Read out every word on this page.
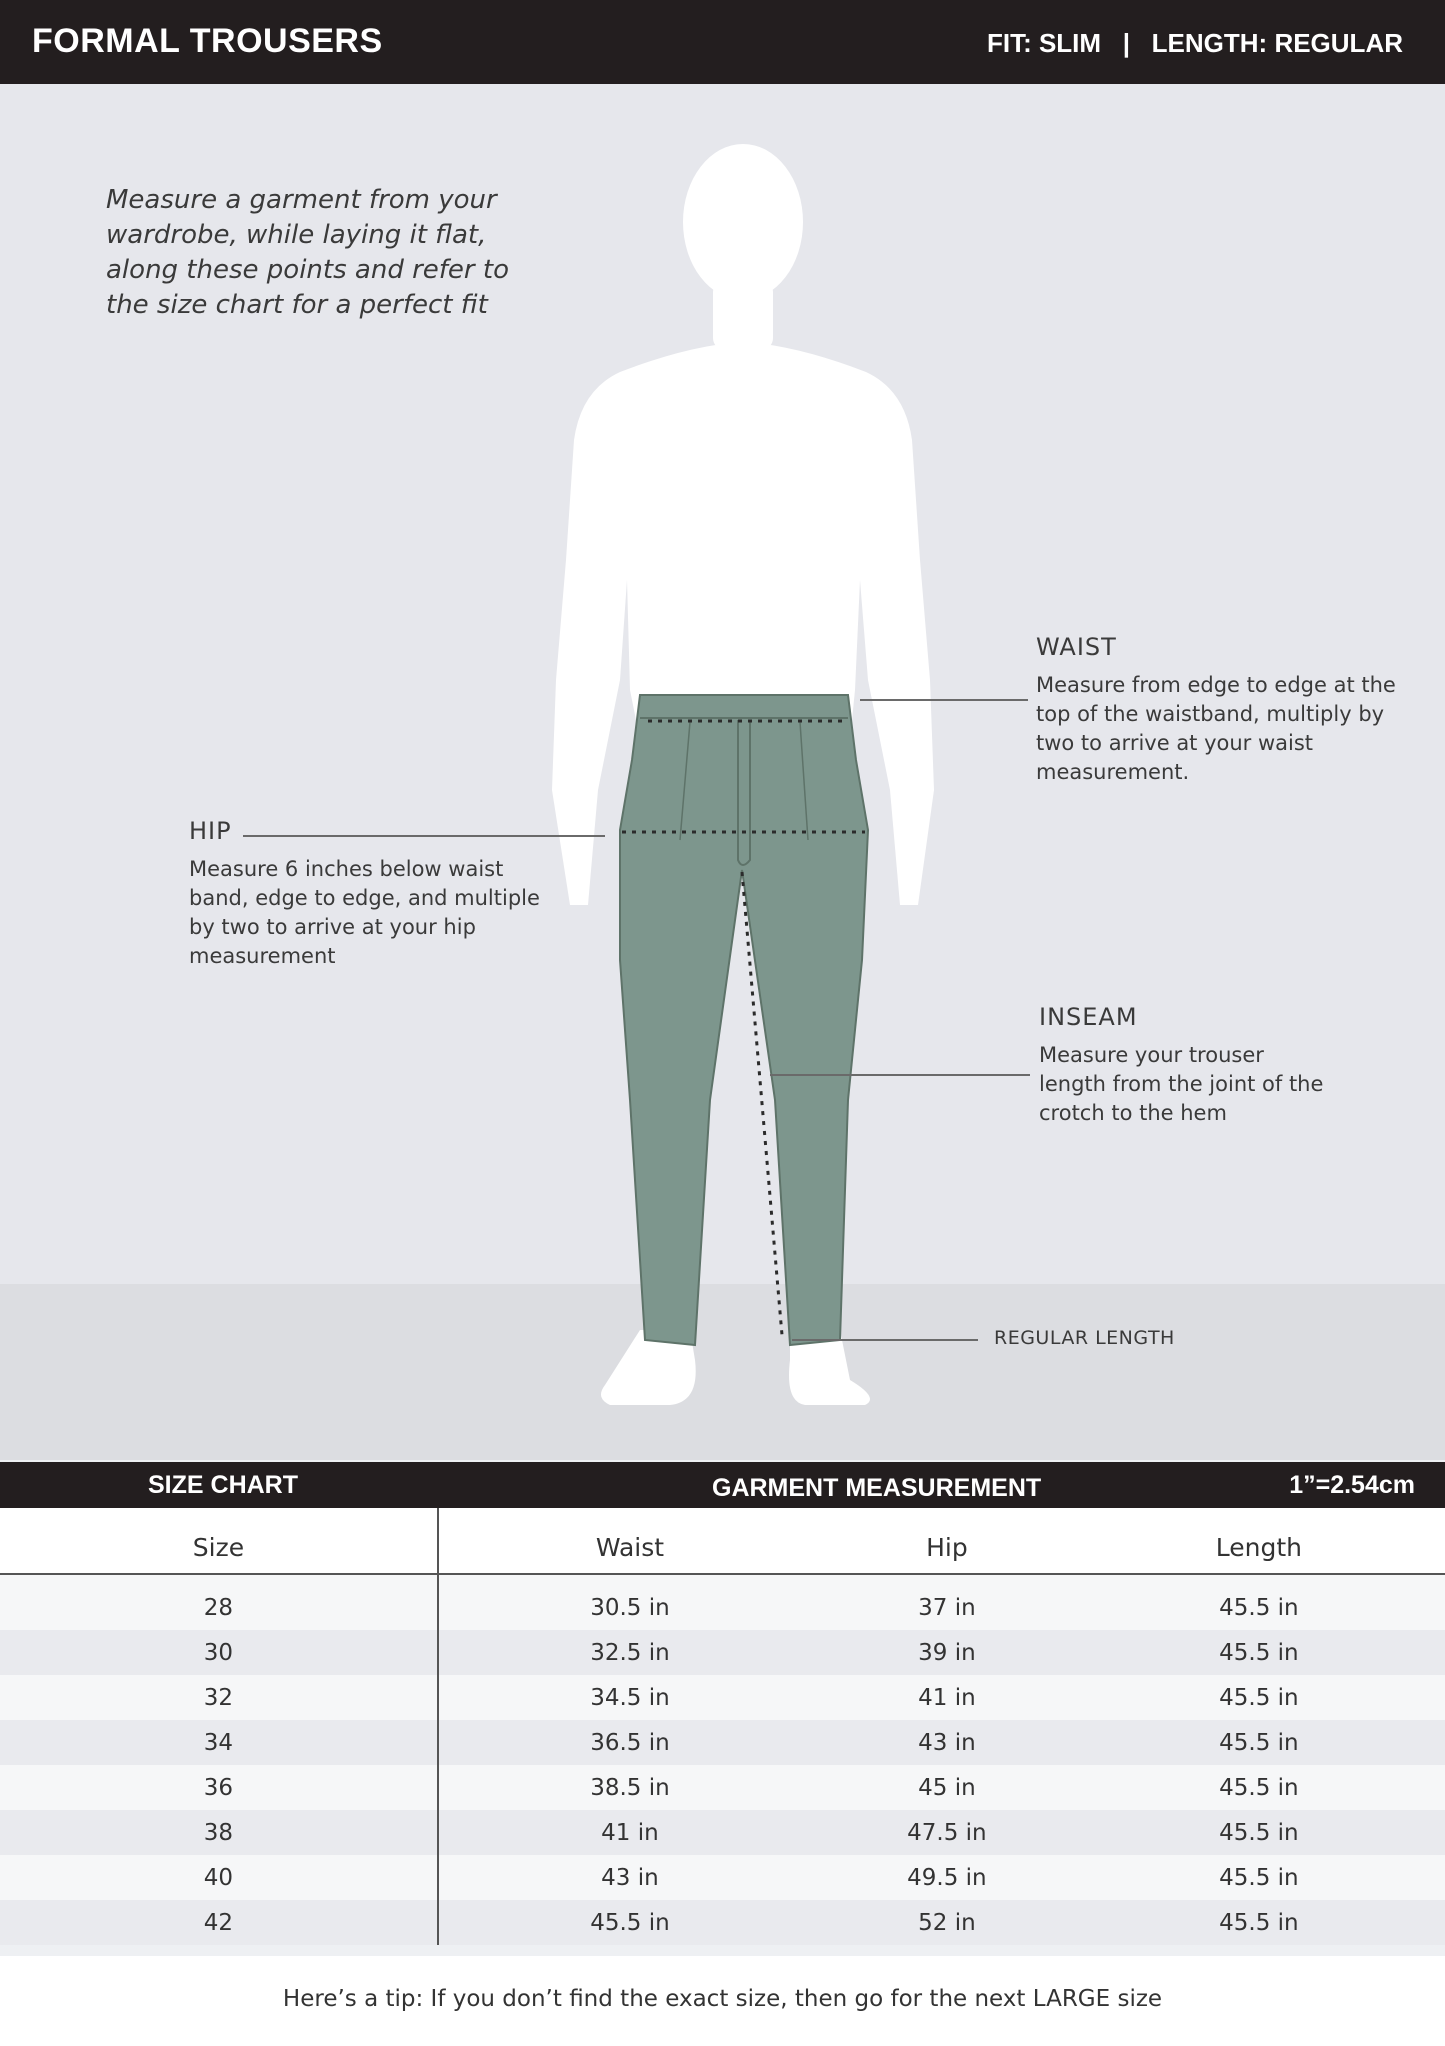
FORMAL TROUSERS	FIT: SLIM   |   LENGTH: REGULAR
Measure a garment from your wardrobe, while laying it flat, along these points and refer to the size chart for a perfect fit
WAIST
Measure from edge to edge at the top of the waistband, multiply by two to arrive at your waist measurement.
HIP
Measure 6 inches below waist band, edge to edge, and multiple by two to arrive at your hip measurement
INSEAM
Measure your trouser length from the joint of the crotch to the hem
REGULAR LENGTH
SIZE CHART	GARMENT MEASUREMENT	1”=2.54cm
Size	Waist	Hip	Length
28	30.5 in	37 in	45.5 in
30	32.5 in	39 in	45.5 in
32	34.5 in	41 in	45.5 in
34	36.5 in	43 in	45.5 in
36	38.5 in	45 in	45.5 in
38	41 in	47.5 in	45.5 in
40	43 in	49.5 in	45.5 in
42	45.5 in	52 in	45.5 in
Here’s a tip: If you don’t find the exact size, then go for the next LARGE size
